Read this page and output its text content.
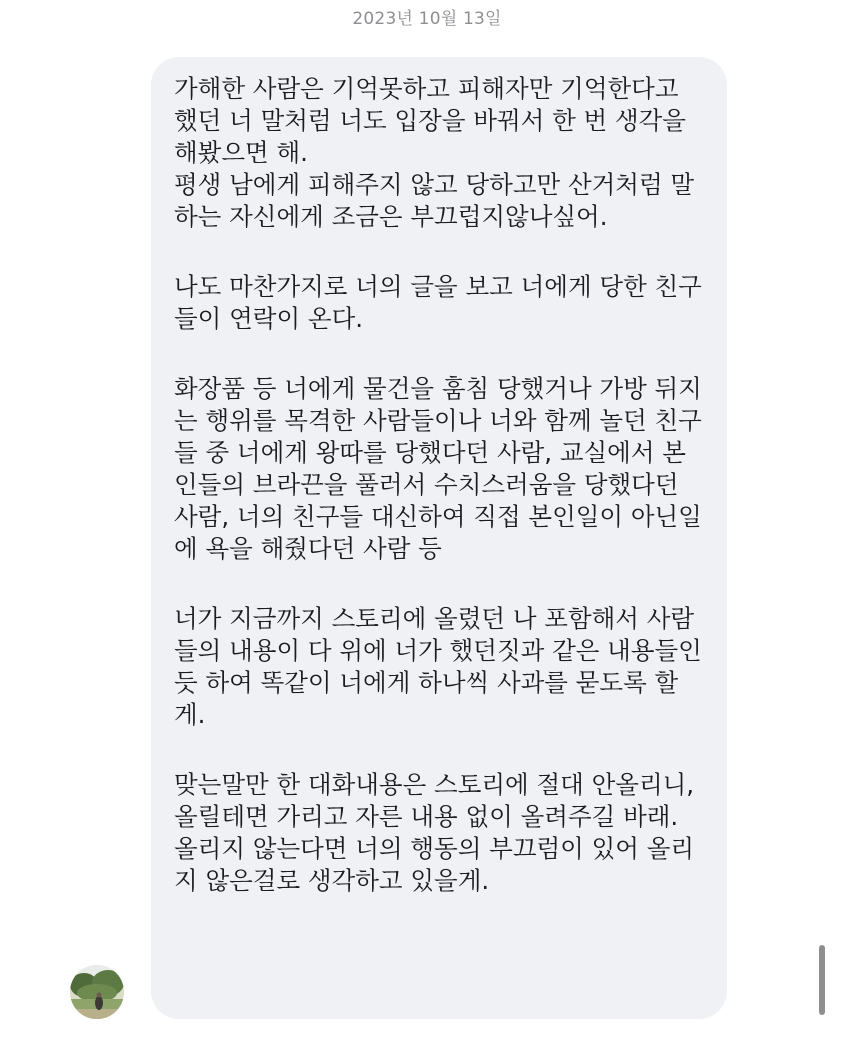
2023년 10월 13일
가해한 사람은 기억못하고 피해자만 기억한다고
했던 너 말처럼 너도 입장을 바꿔서 한 번 생각을
해봤으면 해.
평생 남에게 피해주지 않고 당하고만 산거처럼 말
하는 자신에게 조금은 부끄럽지않나싶어.
나도 마찬가지로 너의 글을 보고 너에게 당한 친구
들이 연락이 온다.
화장품 등 너에게 물건을 훔침 당했거나 가방 뒤지
는 행위를 목격한 사람들이나 너와 함께 놀던 친구
들 중 너에게 왕따를 당했다던 사람, 교실에서 본
인들의 브라끈을 풀러서 수치스러움을 당했다던
사람, 너의 친구들 대신하여 직접 본인일이 아닌일
에 욕을 해줬다던 사람 등
너가 지금까지 스토리에 올렸던 나 포함해서 사람
들의 내용이 다 위에 너가 했던짓과 같은 내용들인
듯 하여 똑같이 너에게 하나씩 사과를 묻도록 할
게.
맞는말만 한 대화내용은 스토리에 절대 안올리니,
올릴테면 가리고 자른 내용 없이 올려주길 바래.
올리지 않는다면 너의 행동의 부끄럼이 있어 올리
지 않은걸로 생각하고 있을게.
